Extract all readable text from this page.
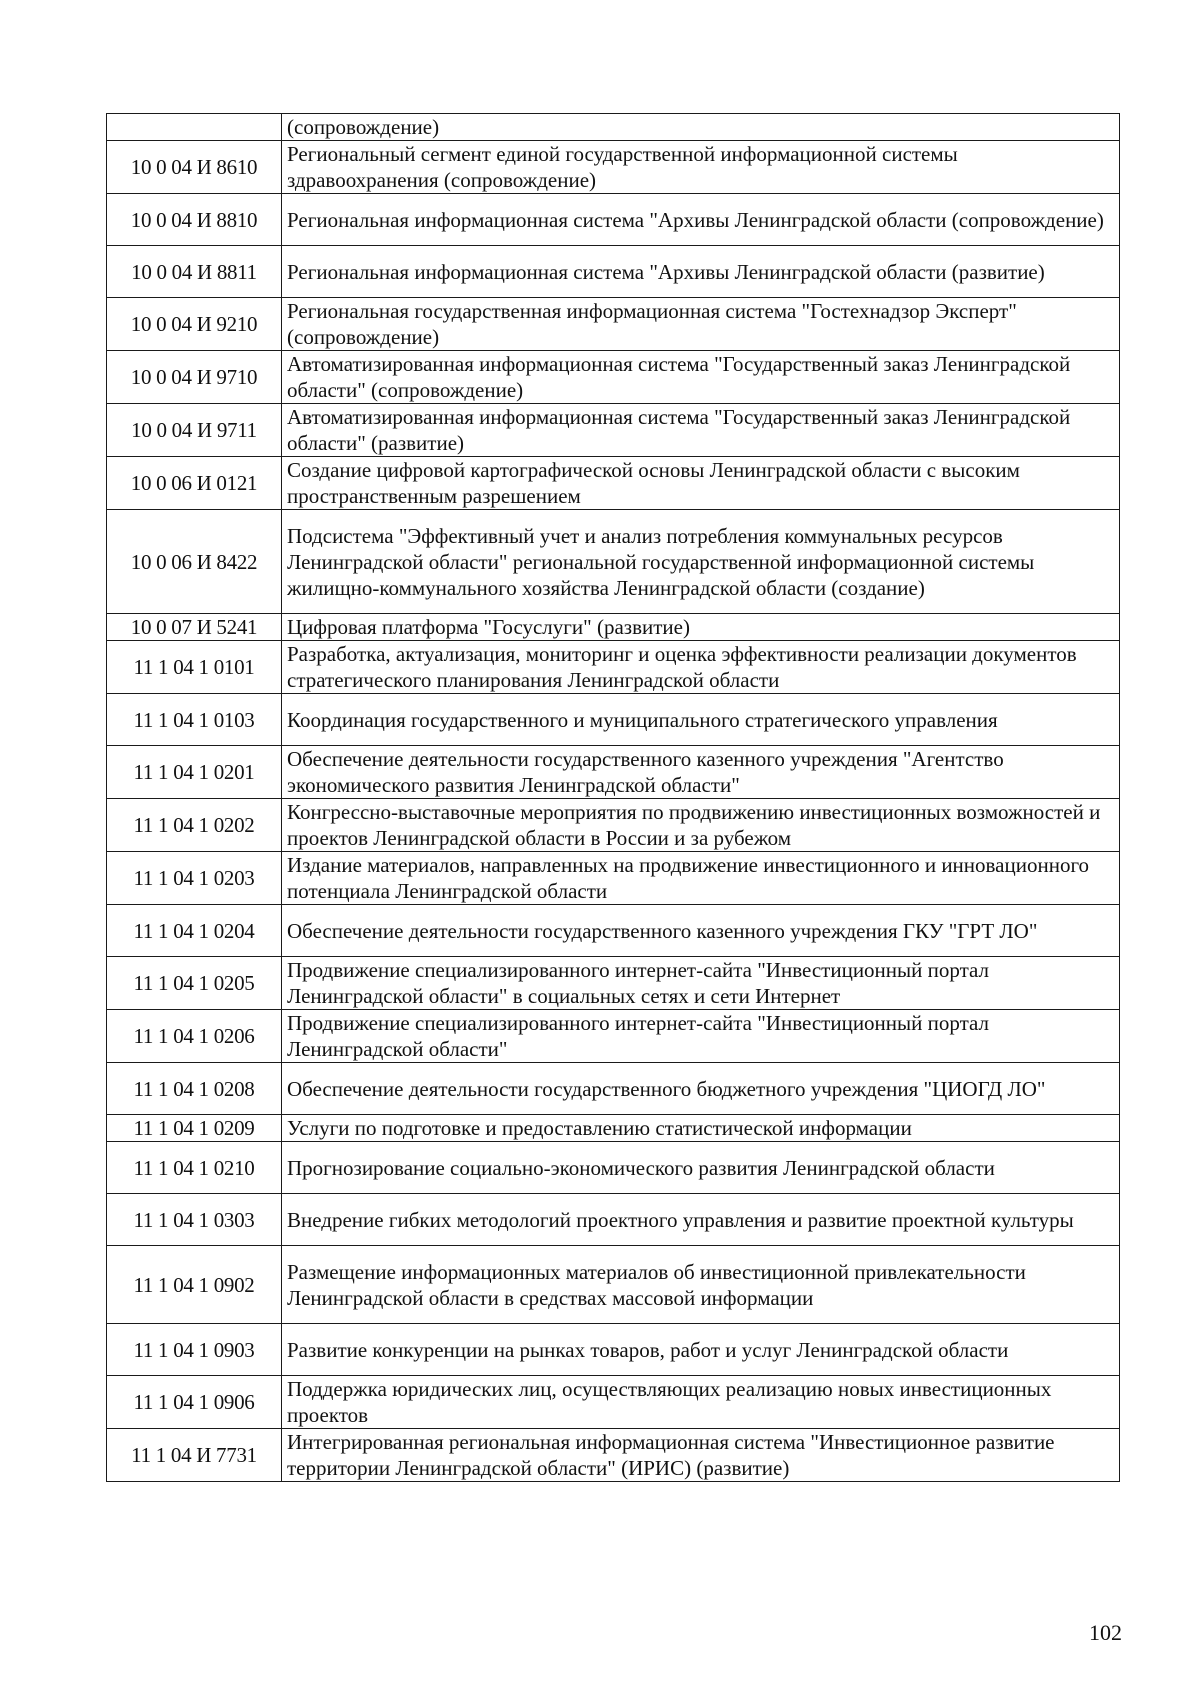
	(сопровождение)
10 0 04 И 8610	Региональный сегмент единой государственной информационной системы здравоохранения (сопровождение)
10 0 04 И 8810	Региональная информационная система "Архивы Ленинградской области (сопровождение)
10 0 04 И 8811	Региональная информационная система "Архивы Ленинградской области (развитие)
10 0 04 И 9210	Региональная государственная информационная система "Гостехнадзор Эксперт" (сопровождение)
10 0 04 И 9710	Автоматизированная информационная система "Государственный заказ Ленинградской области" (сопровождение)
10 0 04 И 9711	Автоматизированная информационная система "Государственный заказ Ленинградской области" (развитие)
10 0 06 И 0121	Создание цифровой картографической основы Ленинградской области с высоким пространственным разрешением
10 0 06 И 8422	Подсистема "Эффективный учет и анализ потребления коммунальных ресурсов Ленинградской области" региональной государственной информационной системы жилищно-коммунального хозяйства Ленинградской области (создание)
10 0 07 И 5241	Цифровая платформа "Госуслуги" (развитие)
11 1 04 1 0101	Разработка, актуализация, мониторинг и оценка эффективности реализации документов стратегического планирования Ленинградской области
11 1 04 1 0103	Координация государственного и муниципального стратегического управления
11 1 04 1 0201	Обеспечение деятельности государственного казенного учреждения "Агентство экономического развития Ленинградской области"
11 1 04 1 0202	Конгрессно-выставочные мероприятия по продвижению инвестиционных возможностей и проектов Ленинградской области в России и за рубежом
11 1 04 1 0203	Издание материалов, направленных на продвижение инвестиционного и инновационного потенциала Ленинградской области
11 1 04 1 0204	Обеспечение деятельности государственного казенного учреждения ГКУ "ГРТ ЛО"
11 1 04 1 0205	Продвижение специализированного интернет-сайта "Инвестиционный портал Ленинградской области" в социальных сетях и сети Интернет
11 1 04 1 0206	Продвижение специализированного интернет-сайта "Инвестиционный портал Ленинградской области"
11 1 04 1 0208	Обеспечение деятельности государственного бюджетного учреждения "ЦИОГД ЛО"
11 1 04 1 0209	Услуги по подготовке и предоставлению статистической информации
11 1 04 1 0210	Прогнозирование социально-экономического развития Ленинградской области
11 1 04 1 0303	Внедрение гибких методологий проектного управления и развитие проектной культуры
11 1 04 1 0902	Размещение информационных материалов об инвестиционной привлекательности Ленинградской области в средствах массовой информации
11 1 04 1 0903	Развитие конкуренции на рынках товаров, работ и услуг Ленинградской области
11 1 04 1 0906	Поддержка юридических лиц, осуществляющих реализацию новых инвестиционных проектов
11 1 04 И 7731	Интегрированная региональная информационная система "Инвестиционное развитие территории Ленинградской области" (ИРИС) (развитие)
102
